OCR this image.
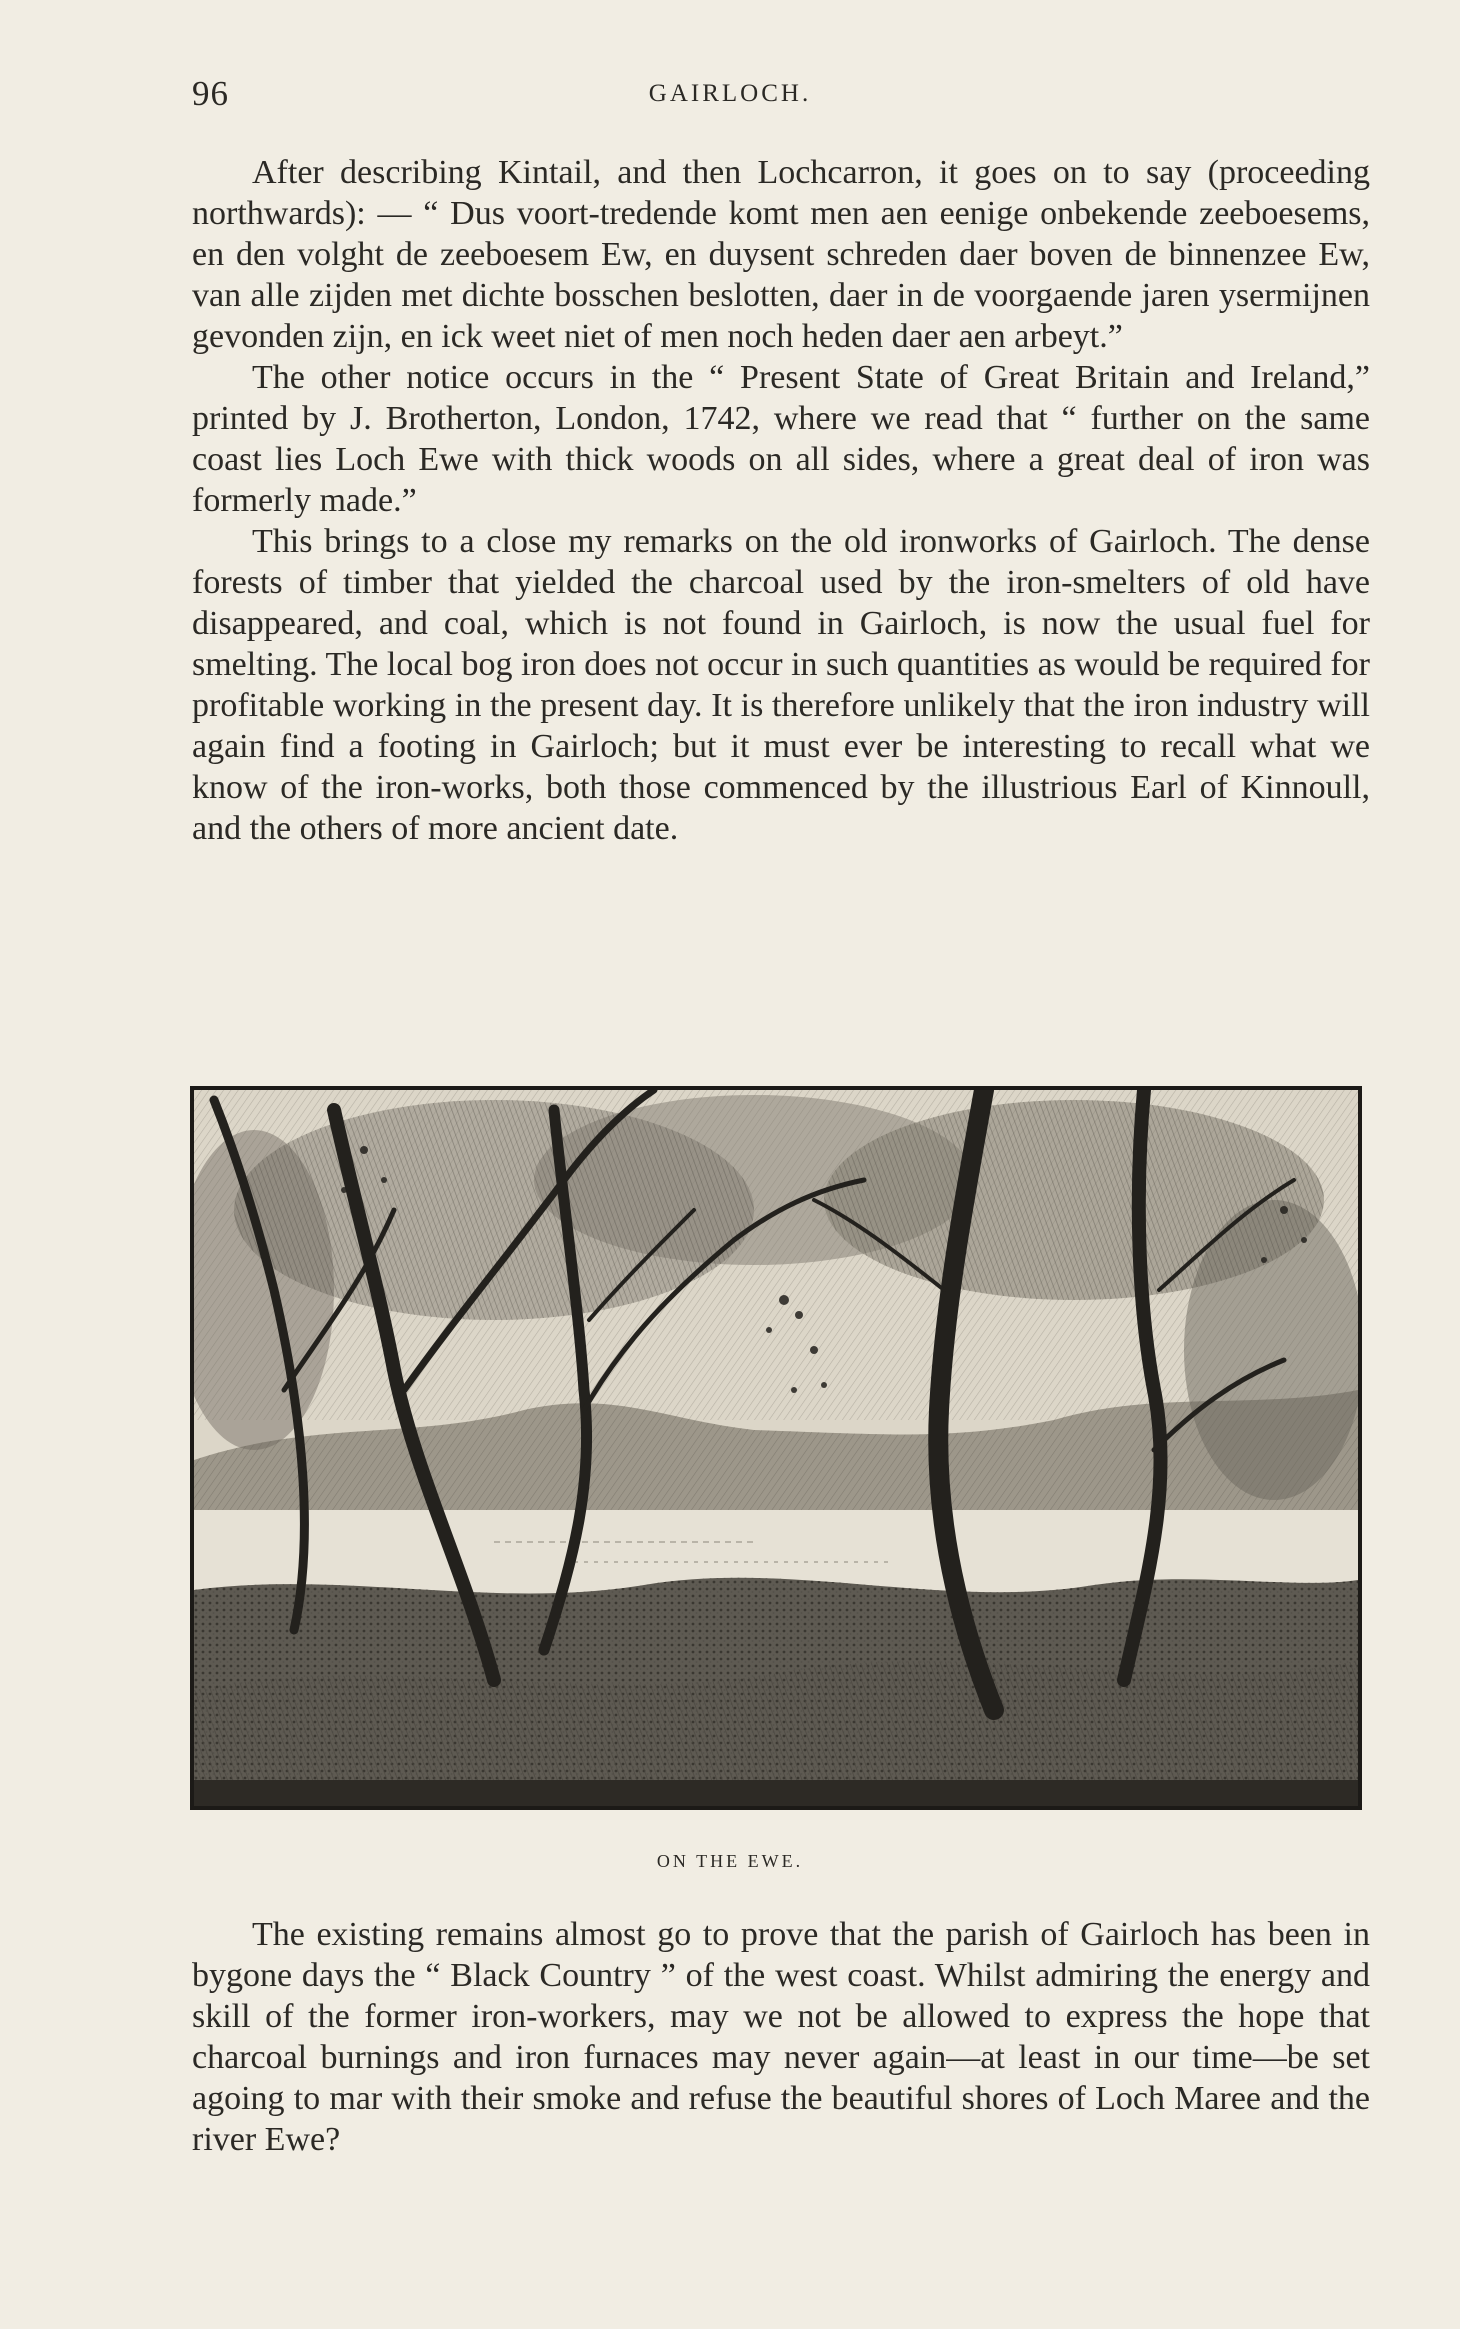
96	GAIRLOCH.

After describing Kintail, and then Lochcarron, it goes on to say (proceeding northwards): — “ Dus voort-tredende komt men aen eenige onbekende zeeboesems, en den volght de zeeboesem Ew, en duysent schreden daer boven de binnenzee Ew, van alle zijden met dichte bosschen beslotten, daer in de voorgaende jaren ysermijnen gevonden zijn, en ick weet niet of men noch heden daer aen arbeyt.”

The other notice occurs in the “ Present State of Great Britain and Ireland,” printed by J. Brotherton, London, 1742, where we read that “ further on the same coast lies Loch Ewe with thick woods on all sides, where a great deal of iron was formerly made.”

This brings to a close my remarks on the old ironworks of Gairloch. The dense forests of timber that yielded the charcoal used by the iron-smelters of old have disappeared, and coal, which is not found in Gairloch, is now the usual fuel for smelting. The local bog iron does not occur in such quantities as would be required for profitable working in the present day. It is therefore unlikely that the iron industry will again find a footing in Gairloch; but it must ever be interesting to recall what we know of the iron-works, both those commenced by the illustrious Earl of Kinnoull, and the others of more ancient date.

ON THE EWE.

The existing remains almost go to prove that the parish of Gairloch has been in bygone days the “ Black Country ” of the west coast. Whilst admiring the energy and skill of the former iron-workers, may we not be allowed to express the hope that charcoal burnings and iron furnaces may never again—at least in our time—be set agoing to mar with their smoke and refuse the beautiful shores of Loch Maree and the river Ewe?
